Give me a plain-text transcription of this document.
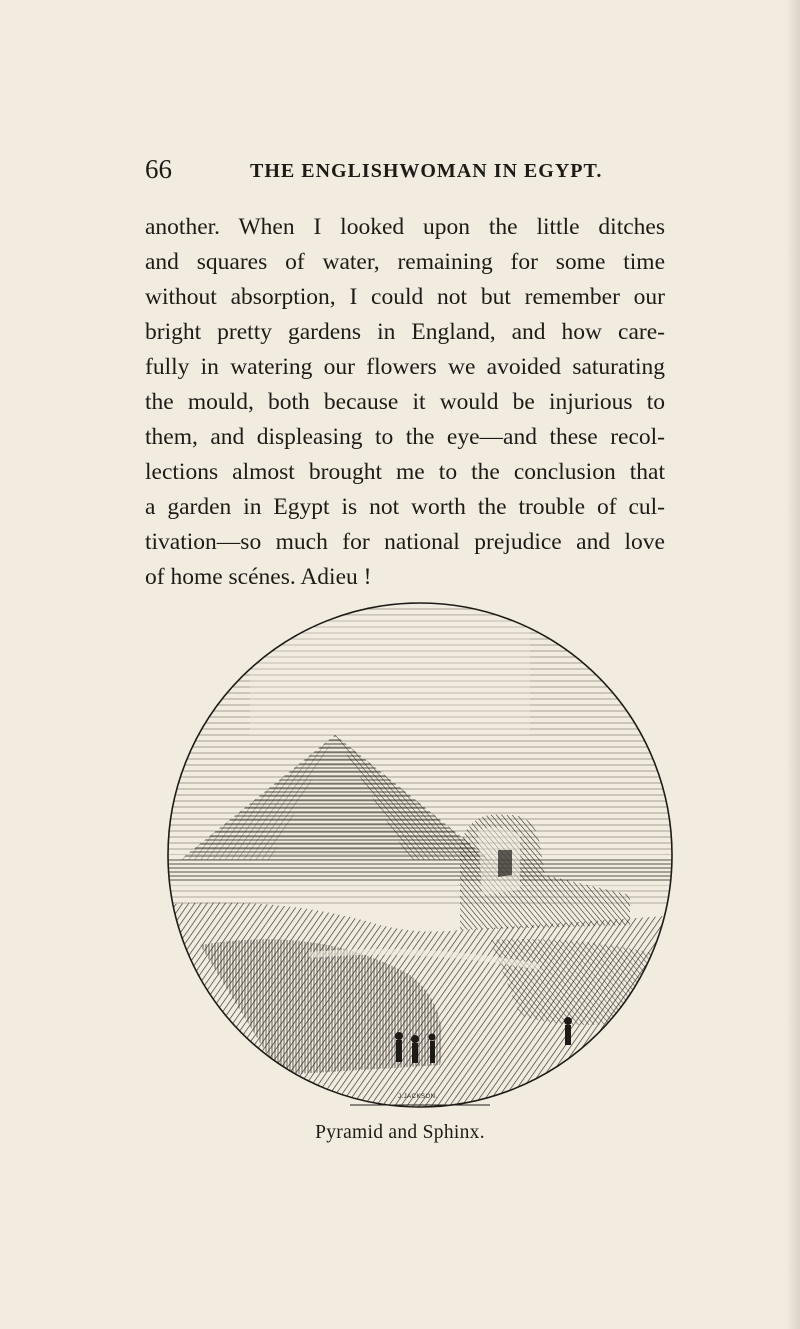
66	THE ENGLISHWOMAN IN EGYPT.
another. When I looked upon the little ditches
and squares of water, remaining for some time
without absorption, I could not but remember our
bright pretty gardens in England, and how care-
fully in watering our flowers we avoided saturating
the mould, both because it would be injurious to
them, and displeasing to the eye—and these recol-
lections almost brought me to the conclusion that
a garden in Egypt is not worth the trouble of cul-
tivation—so much for national prejudice and love
of home scénes. Adieu !
J.JACKSON.
Pyramid and Sphinx.
